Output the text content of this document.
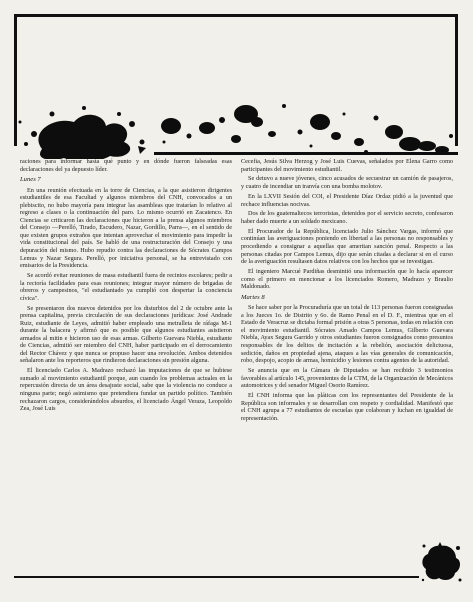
raciones para informar hasta qué punto y en dónde fueron falseadas esas declaraciones del ya depuesto líder.

Lunes 7

En una reunión efectuada en la torre de Ciencias, a la que asistieron dirigentes estudiantiles de esa Facultad y algunos miembros del CNH, convocados a un plebiscito, no hubo mayoría para integrar las asambleas que tratarían lo relativo al regreso a clases o la continuación del paro. Lo mismo ocurrió en Zacatenco. En Ciencias se criticaron las declaraciones que hicieron a la prensa algunos miembros del Consejo —Perelló, Tirado, Escudero, Nazar, Gordillo, Parra—, en el sentido de que existen grupos extraños que intentan aprovechar el movimiento para impedir la vida constitucional del país. Se habló de una restructuración del Consejo y una depuración del mismo. Hubo repudio contra las declaraciones de Sócrates Campos Lemus y Nazar Segura. Perelló, por iniciativa personal, se ha entrevistado con emisarios de la Presidencia.

Se acordó evitar reuniones de masa estudiantil fuera de recintos escolares; pedir a la rectoría facilidades para esas reuniones; integrar mayor número de brigadas de obreros y campesinos, "el estudiantado ya cumplió con despertar la conciencia cívica".

Se presentaron dos nuevos detenidos por los disturbios del 2 de octubre ante la prensa capitalina, previa circulación de sus declaraciones jurídicas: José Andrade Ruiz, estudiante de Leyes, admitió haber empleado una metralleta de ráfaga M-1 durante la balacera y afirmó que es posible que algunos estudiantes asistieron armados al mitin e hicieron uso de esas armas. Gilberto Guevara Niebla, estudiante de Ciencias, admitió ser miembro del CNH, haber participado en el derrocamiento del Rector Chávez y que nunca se propuso hacer una revolución. Ambos detenidos señalaron ante los reporteros que rindieron declaraciones sin presión alguna.

El licenciado Carlos A. Madrazo rechazó las imputaciones de que se hubiese sumado al movimiento estudiantil porque, aun cuando los problemas actuales en la repercusión directa de un área desajuste social, sabe que la violencia no conduce a ninguna parte; negó asimismo que pretendiera fundar un partido político. También rechazaron cargos, considerándolos absurdos, el licenciado Ángel Veraza, Leopoldo Zea, José Luis

Cecefia, Jesús Silva Herzog y José Luis Cuevas, señalados por Elena Garro como participantes del movimiento estudiantil.

Se detuvo a nueve jóvenes, cinco acusados de secuestrar un camión de pasajeros, y cuatro de incendiar un tranvía con una bomba molotov.

En la LXVII Sesión del COI, el Presidente Díaz Ordaz pidió a la juventud que rechace influencias nocivas.

Dos de los guatemaltecos terroristas, detenidos por el servicio secreto, confesaron haber dado muerte a un soldado mexicano.

El Procurador de la República, licenciado Julio Sánchez Vargas, informó que continúan las averiguaciones poniendo en libertad a las personas no responsables y procediendo a consignar a aquellas que ameritan sanción penal. Respecto a las personas citadas por Campos Lemus, dijo que serán citadas a declarar si en el curso de la averiguación resultasen datos relativos con los hechos que se investigan.

El ingeniero Marcué Pardiñas desmintió una información que lo hacía aparecer como el primero en mencionar a los licenciados Romero, Madrazo y Braulio Maldonado.

Martes 8

Se hace saber por la Procuraduría que un total de 113 personas fueron consignadas a los Jueces 1o. de Distrito y 6o. de Ramo Penal en el D. F., mientras que en el Estado de Veracruz se dictaba formal prisión a otras 5 personas, todas en relación con el movimiento estudiantil. Sócrates Amado Campos Lemus, Gilberto Guevara Niebla, Ayax Segura Garrido y otros estudiantes fueron consignados como presuntos responsables de los delitos de incitación a la rebelión, asociación delictuosa, sedición, daños en propiedad ajena, ataques a las vías generales de comunicación, robo, despojo, acopio de armas, homicidio y lesiones contra agentes de la autoridad.

Se anuncia que en la Cámara de Diputados se han recibido 3 testimonios favorables al artículo 145, provenientes de la CTM, de la Organización de Mecánicos automotrices y del senador Miguel Osorio Ramírez.

El CNH informa que las pláticas con los representantes del Presidente de la República son informales y se desarrollan con respeto y cordialidad. Manifestó que el CNH agrupa a 77 estudiantes de escuelas que colaboran y luchan en igualdad de representación.
